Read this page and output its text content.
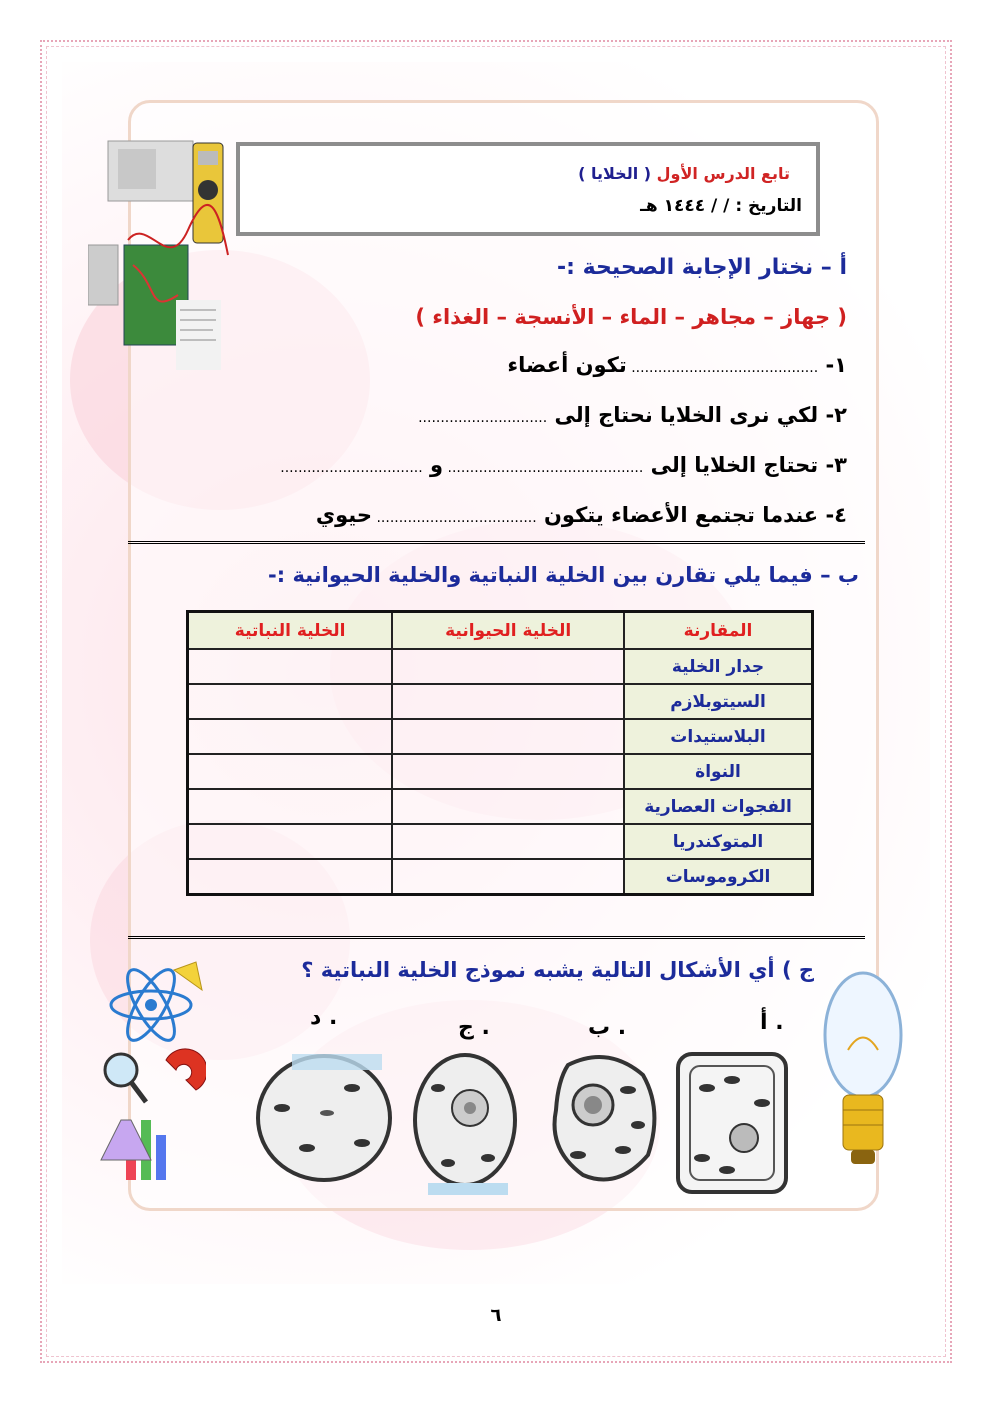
تابع الدرس الأول ( الخلايا )
التاريخ : / / ١٤٤٤ هـ
أ – نختار الإجابة الصحيحة :-
( جهاز – مجاهر – الماء – الأنسجة – الغذاء )
١- .......................................... تكون أعضاء
٢- لكي نرى الخلايا نحتاج إلى .............................
٣- تحتاج الخلايا إلى ............................................ و ................................
٤- عندما تجتمع الأعضاء يتكون .................................... حيوي
ب – فيما يلي تقارن بين الخلية النباتية والخلية الحيوانية :-
المقارنة	الخلية الحيوانية	الخلية النباتية
جدار الخلية		
السيتوبلازم		
البلاستيدات		
النواة		
الفجوات العصارية		
المتوكندريا		
الكروموسات		
ج ) أي الأشكال التالية يشبه نموذج الخلية النباتية ؟
أ .
ب .
ج .
د .
٦
